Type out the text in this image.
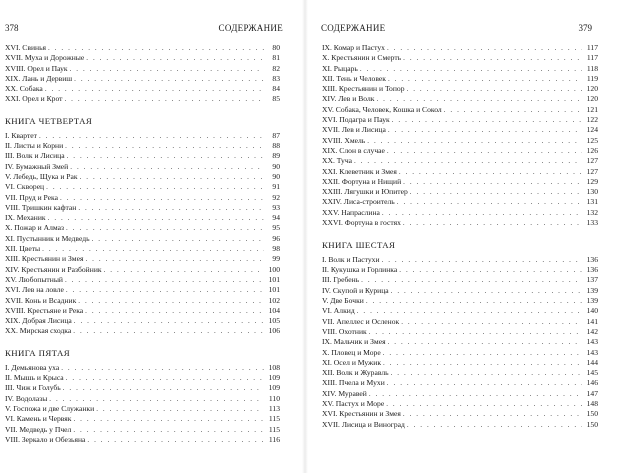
378	СОДЕРЖАНИЕ
XVI. Свинья . . .	80
XVII. Муха и Дорожные . . .	81
XVIII. Орел и Паук . . .	82
XIX. Лань и Дервиш . . .	83
XX. Собака . . .	84
XXI. Орел и Крот . . .	85
КНИГА ЧЕТВЕРТАЯ
I. Квартет . . .	87
II. Листы и Корни . . .	88
III. Волк и Лисица . . .	89
IV. Бумажный Змей . . .	90
V. Лебедь, Щука и Рак . . .	90
VI. Скворец . . .	91
VII. Пруд и Река . . .	92
VIII. Тришкин кафтан . . .	93
IX. Механик . . .	94
X. Пожар и Алмаз . . .	95
XI. Пустынник и Медведь . . .	96
XII. Цветы . . .	98
XIII. Крестьянин и Змея . . .	99
XIV. Крестьянин и Разбойник . . .	100
XV. Любопытный . . .	101
XVI. Лев на ловле . . .	101
XVII. Конь и Всадник . . .	102
XVIII. Крестьяне и Река . . .	104
XIX. Добрая Лисица . . .	105
XX. Мирская сходка . . .	106
КНИГА ПЯТАЯ
I. Демьянова уха . . .	108
II. Мышь и Крыса . . .	109
III. Чиж и Голубь . . .	109
IV. Водолазы . . .	110
V. Госпожа и две Служанки . . .	113
VI. Камень и Червяк . . .	115
VII. Медведь у Пчел . . .	115
VIII. Зеркало и Обезьяна . . .	116
СОДЕРЖАНИЕ	379
IX. Комар и Пастух . . .	117
X. Крестьянин и Смерть . . .	117
XI. Рыцарь . . .	118
XII. Тень и Человек . . .	119
XIII. Крестьянин и Топор . . .	120
XIV. Лев и Волк . . .	120
XV. Собака, Человек, Кошка и Сокол . . .	121
XVI. Подагра и Паук . . .	122
XVII. Лев и Лисица . . .	124
XVIII. Хмель . . .	125
XIX. Слон в случае . . .	126
XX. Туча . . .	127
XXI. Клеветник и Змея . . .	127
XXII. Фортуна и Нищий . . .	129
XXIII. Лягушки и Юпитер . . .	130
XXIV. Лиса-строитель . . .	131
XXV. Напраслина . . .	132
XXVI. Фортуна в гостях . . .	133
КНИГА ШЕСТАЯ
I. Волк и Пастухи . . .	136
II. Кукушка и Горлинка . . .	136
III. Гребень . . .	137
IV. Скупой и Курица . . .	139
V. Две Бочки . . .	139
VI. Алкид . . .	140
VII. Апеллес и Осленок . . .	141
VIII. Охотник . . .	142
IX. Мальчик и Змея . . .	143
X. Пловец и Море . . .	143
XI. Осел и Мужик . . .	144
XII. Волк и Журавль . . .	145
XIII. Пчела и Мухи . . .	146
XIV. Муравей . . .	147
XV. Пастух и Море . . .	148
XVI. Крестьянин и Змея . . .	150
XVII. Лисица и Виноград . . .	150
